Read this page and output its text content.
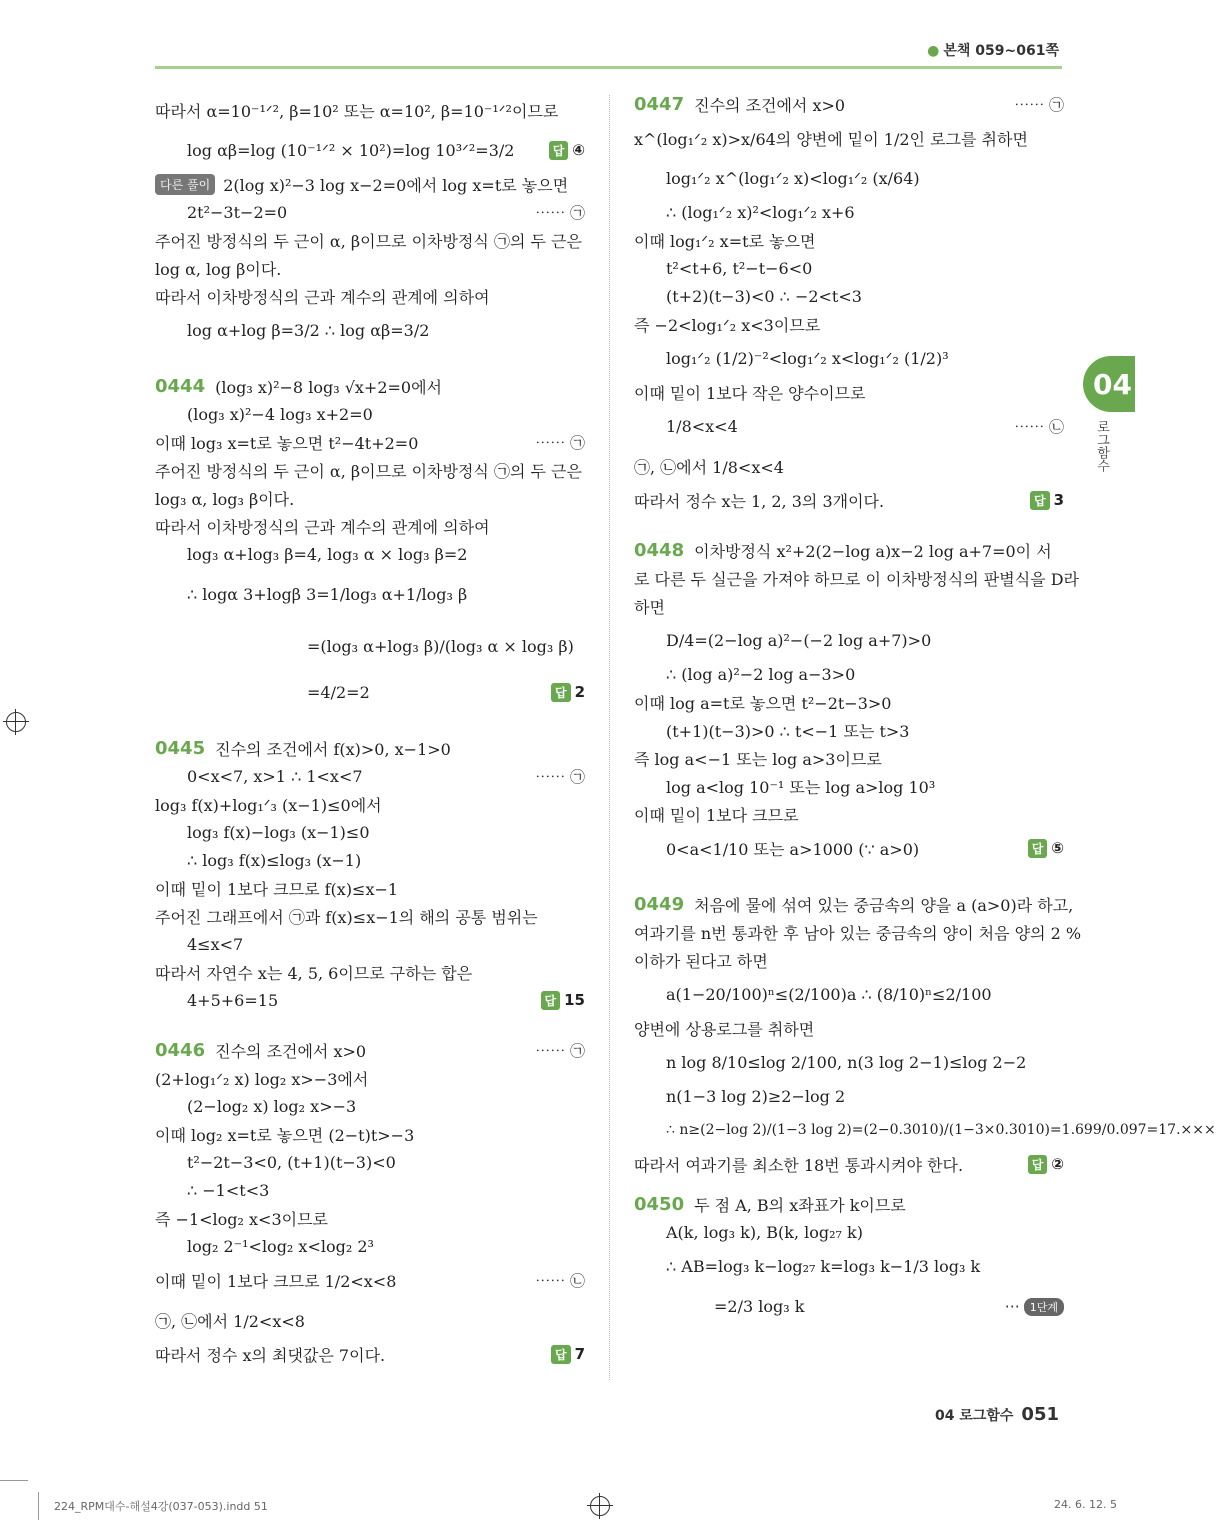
● 본책 059~061쪽
04
로그함수
따라서 α=10⁻¹ᐟ², β=10² 또는 α=10², β=10⁻¹ᐟ²이므로
log αβ=log (10⁻¹ᐟ² × 10²)=log 10³ᐟ²=3/2	답 ④
다른 풀이 2(log x)²−3 log x−2=0에서 log x=t로 놓으면
2t²−3t−2=0	⋯⋯ ㉠
주어진 방정식의 두 근이 α, β이므로 이차방정식 ㉠의 두 근은
log α, log β이다.
따라서 이차방정식의 근과 계수의 관계에 의하여
log α+log β=3/2 ∴ log αβ=3/2
0444 (log₃ x)²−8 log₃ √x+2=0에서
(log₃ x)²−4 log₃ x+2=0
이때 log₃ x=t로 놓으면 t²−4t+2=0	⋯⋯ ㉠
주어진 방정식의 두 근이 α, β이므로 이차방정식 ㉠의 두 근은
log₃ α, log₃ β이다.
따라서 이차방정식의 근과 계수의 관계에 의하여
log₃ α+log₃ β=4, log₃ α × log₃ β=2
∴ logα 3+logβ 3=1/log₃ α+1/log₃ β
=(log₃ α+log₃ β)/(log₃ α × log₃ β)
=4/2=2	답 2
0445 진수의 조건에서 f(x)>0, x−1>0
0<x<7, x>1 ∴ 1<x<7	⋯⋯ ㉠
log₃ f(x)+log₁ᐟ₃ (x−1)≤0에서
log₃ f(x)−log₃ (x−1)≤0
∴ log₃ f(x)≤log₃ (x−1)
이때 밑이 1보다 크므로 f(x)≤x−1
주어진 그래프에서 ㉠과 f(x)≤x−1의 해의 공통 범위는
4≤x<7
따라서 자연수 x는 4, 5, 6이므로 구하는 합은
4+5+6=15	답 15
0446 진수의 조건에서 x>0	⋯⋯ ㉠
(2+log₁ᐟ₂ x) log₂ x>−3에서
(2−log₂ x) log₂ x>−3
이때 log₂ x=t로 놓으면 (2−t)t>−3
t²−2t−3<0, (t+1)(t−3)<0
∴ −1<t<3
즉 −1<log₂ x<3이므로
log₂ 2⁻¹<log₂ x<log₂ 2³
이때 밑이 1보다 크므로 1/2<x<8	⋯⋯ ㉡
㉠, ㉡에서 1/2<x<8
따라서 정수 x의 최댓값은 7이다.	답 7
0447 진수의 조건에서 x>0	⋯⋯ ㉠
x^(log₁ᐟ₂ x)>x/64의 양변에 밑이 1/2인 로그를 취하면
log₁ᐟ₂ x^(log₁ᐟ₂ x)<log₁ᐟ₂ (x/64)
∴ (log₁ᐟ₂ x)²<log₁ᐟ₂ x+6
이때 log₁ᐟ₂ x=t로 놓으면
t²<t+6, t²−t−6<0
(t+2)(t−3)<0 ∴ −2<t<3
즉 −2<log₁ᐟ₂ x<3이므로
log₁ᐟ₂ (1/2)⁻²<log₁ᐟ₂ x<log₁ᐟ₂ (1/2)³
이때 밑이 1보다 작은 양수이므로
1/8<x<4	⋯⋯ ㉡
㉠, ㉡에서 1/8<x<4
따라서 정수 x는 1, 2, 3의 3개이다.	답 3
0448 이차방정식 x²+2(2−log a)x−2 log a+7=0이 서
로 다른 두 실근을 가져야 하므로 이 이차방정식의 판별식을 D라
하면
D/4=(2−log a)²−(−2 log a+7)>0
∴ (log a)²−2 log a−3>0
이때 log a=t로 놓으면 t²−2t−3>0
(t+1)(t−3)>0 ∴ t<−1 또는 t>3
즉 log a<−1 또는 log a>3이므로
log a<log 10⁻¹ 또는 log a>log 10³
이때 밑이 1보다 크므로
0<a<1/10 또는 a>1000 (∵ a>0)	답 ⑤
0449 처음에 물에 섞여 있는 중금속의 양을 a (a>0)라 하고,
여과기를 n번 통과한 후 남아 있는 중금속의 양이 처음 양의 2 %
이하가 된다고 하면
a(1−20/100)ⁿ≤(2/100)a ∴ (8/10)ⁿ≤2/100
양변에 상용로그를 취하면
n log 8/10≤log 2/100, n(3 log 2−1)≤log 2−2
n(1−3 log 2)≥2−log 2
∴ n≥(2−log 2)/(1−3 log 2)=(2−0.3010)/(1−3×0.3010)=1.699/0.097=17.×××
따라서 여과기를 최소한 18번 통과시켜야 한다.	답 ②
0450 두 점 A, B의 x좌표가 k이므로
A(k, log₃ k), B(k, log₂₇ k)
∴ AB=log₃ k−log₂₇ k=log₃ k−1/3 log₃ k
=2/3 log₃ k	⋯ 1단계
04 로그함수 051
224_RPM대수-해설4강(037-053).indd 51	24. 6. 12. 5
